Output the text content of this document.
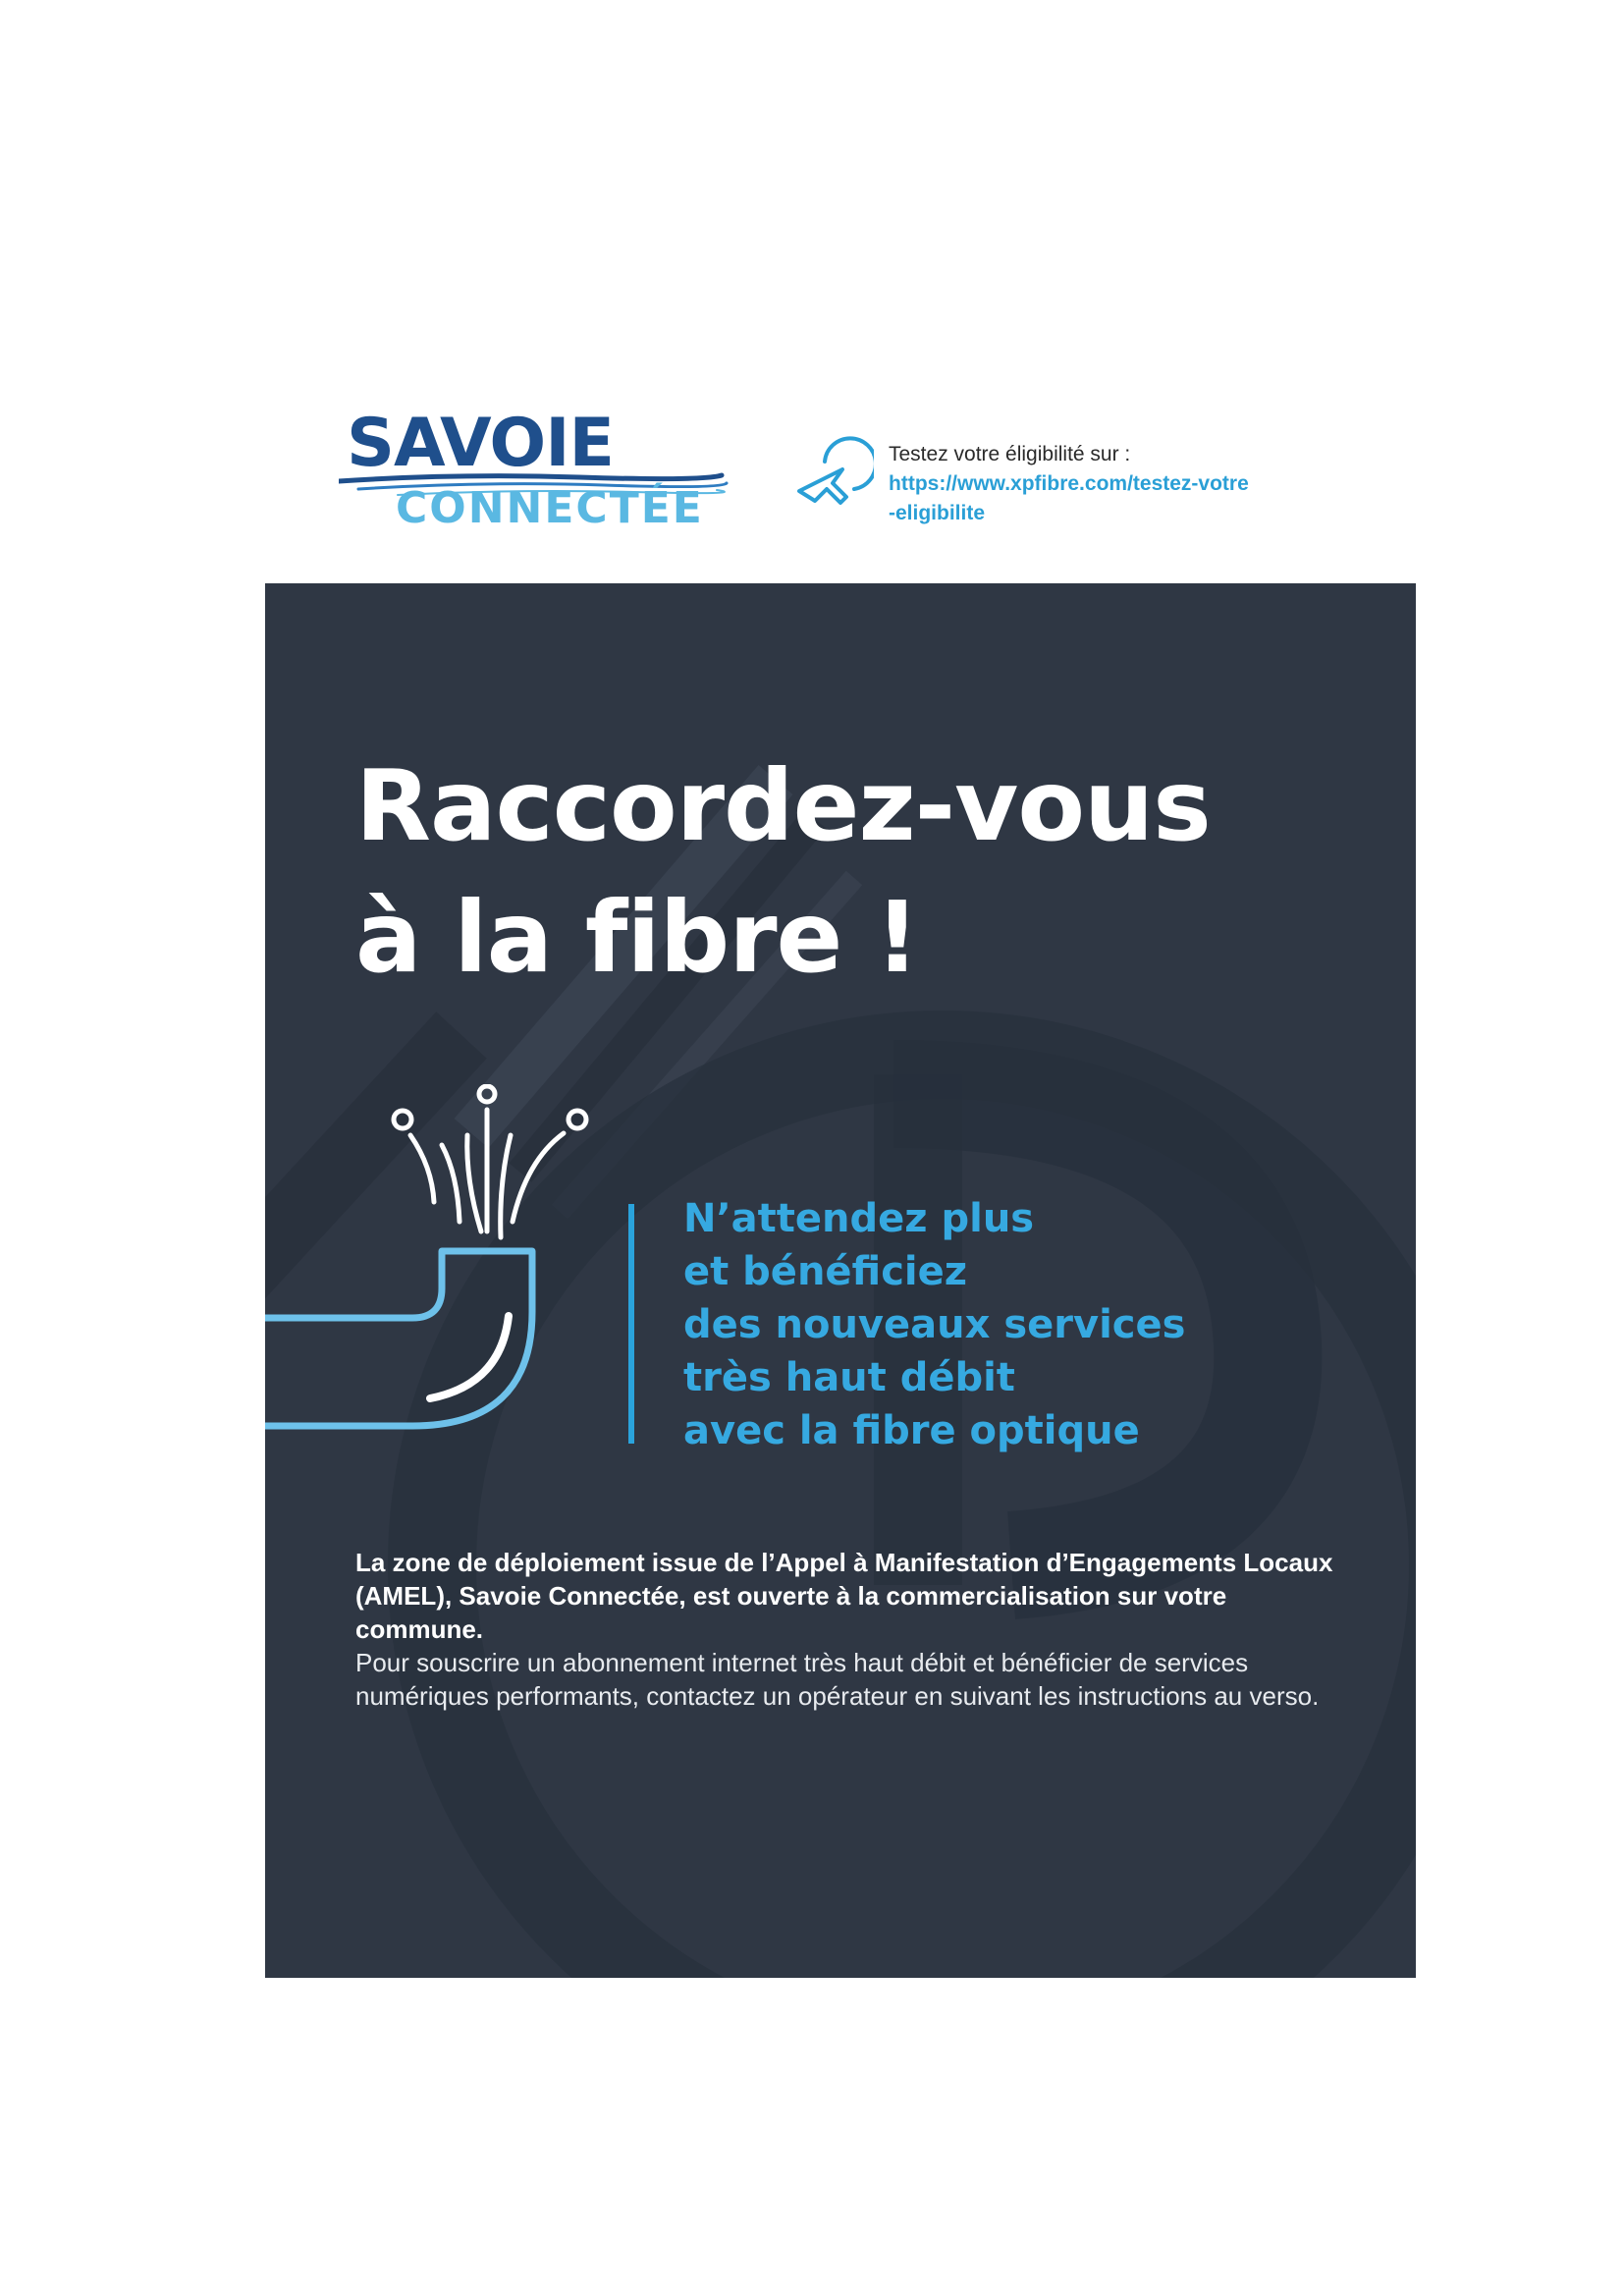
SAVOIE
CONNECTÉE
Testez votre éligibilité sur :
https://www.xpfibre.com/testez-votre
-eligibilite
Raccordez-vous
à la fibre !
N’attendez plus
et bénéficiez
des nouveaux services
très haut débit
avec la fibre optique
La zone de déploiement issue de l’Appel à Manifestation d’Engagements Locaux (AMEL), Savoie Connectée, est ouverte à la commercialisation sur votre commune.
Pour souscrire un abonnement internet très haut débit et bénéficier de services numériques performants, contactez un opérateur en suivant les instructions au verso.
